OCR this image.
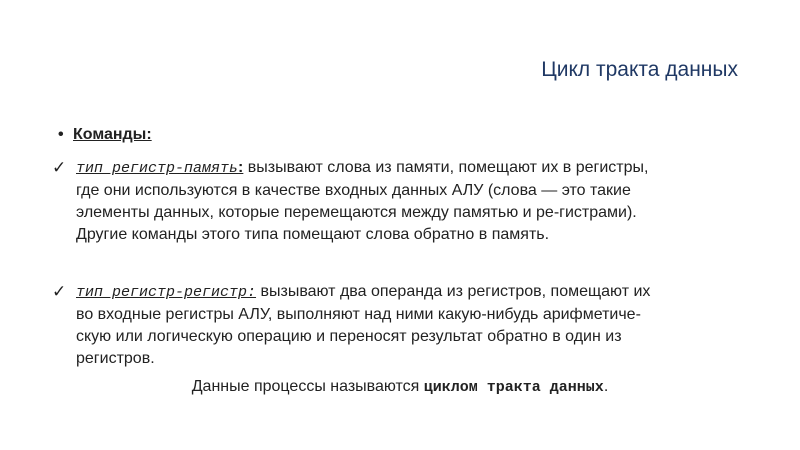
Цикл тракта данных
• Команды:
✓ тип регистр-память: вызывают слова из памяти, помещают их в регистры,
где они используются в качестве входных данных АЛУ (слова — это такие
элементы данных, которые перемещаются между памятью и ре-гистрами).
Другие команды этого типа помещают слова обратно в память.
✓ тип регистр-регистр: вызывают два операнда из регистров, помещают их
во входные регистры АЛУ, выполняют над ними какую-нибудь арифметиче-
скую или логическую операцию и переносят результат обратно в один из
регистров.
Данные процессы называются циклом тракта данных.
